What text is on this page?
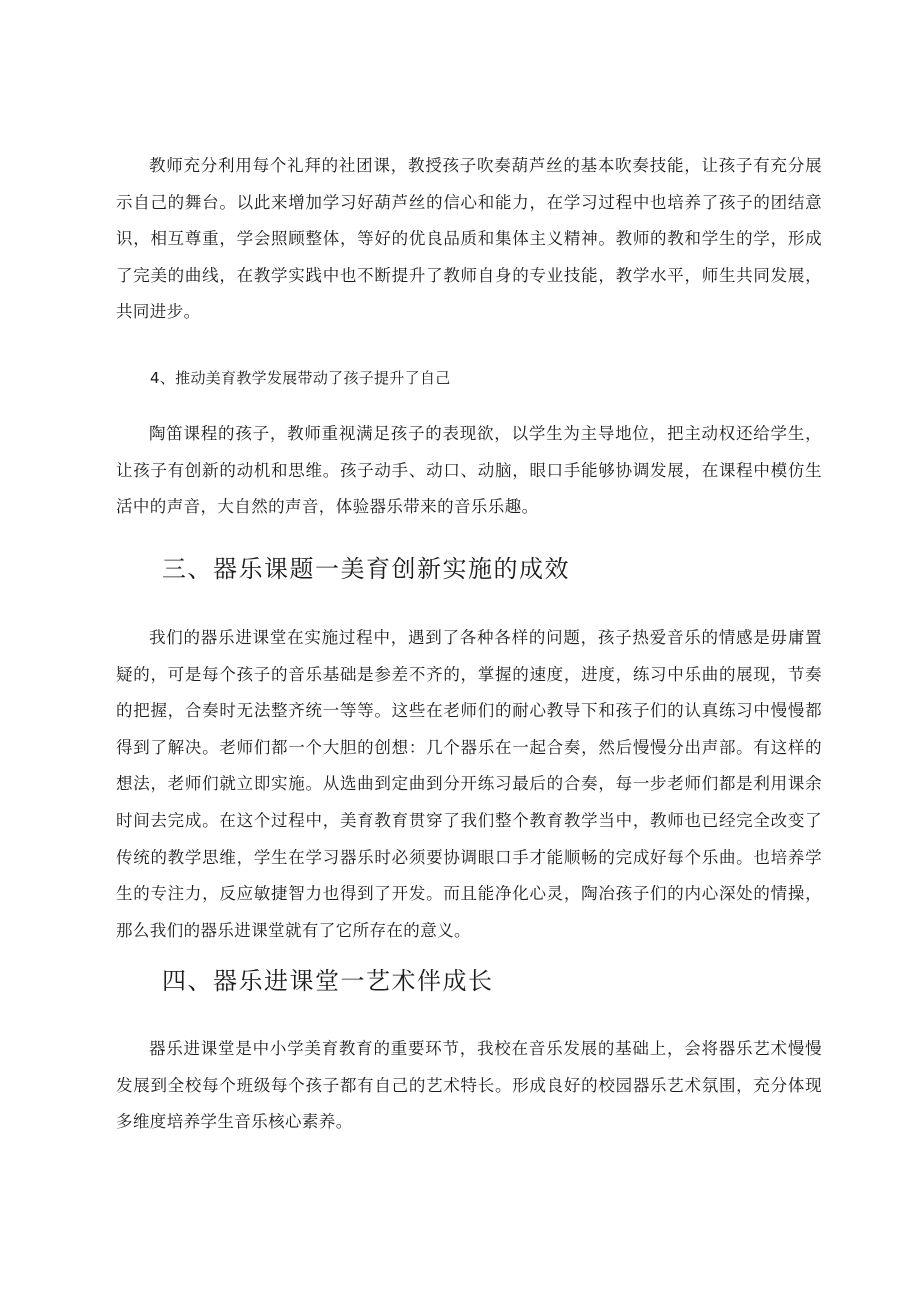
教师充分利用每个礼拜的社团课，教授孩子吹奏葫芦丝的基本吹奏技能，让孩子有充分展示自己的舞台。以此来增加学习好葫芦丝的信心和能力，在学习过程中也培养了孩子的团结意识，相互尊重，学会照顾整体，等好的优良品质和集体主义精神。教师的教和学生的学，形成了完美的曲线，在教学实践中也不断提升了教师自身的专业技能，教学水平，师生共同发展，共同进步。

4、推动美育教学发展带动了孩子提升了自己

陶笛课程的孩子，教师重视满足孩子的表现欲，以学生为主导地位，把主动权还给学生，让孩子有创新的动机和思维。孩子动手、动口、动脑，眼口手能够协调发展，在课程中模仿生活中的声音，大自然的声音，体验器乐带来的音乐乐趣。

三、器乐课题一美育创新实施的成效

我们的器乐进课堂在实施过程中，遇到了各种各样的问题，孩子热爱音乐的情感是毋庸置疑的，可是每个孩子的音乐基础是参差不齐的，掌握的速度，进度，练习中乐曲的展现，节奏的把握，合奏时无法整齐统一等等。这些在老师们的耐心教导下和孩子们的认真练习中慢慢都得到了解决。老师们都一个大胆的创想：几个器乐在一起合奏，然后慢慢分出声部。有这样的想法，老师们就立即实施。从选曲到定曲到分开练习最后的合奏，每一步老师们都是利用课余时间去完成。在这个过程中，美育教育贯穿了我们整个教育教学当中，教师也已经完全改变了传统的教学思维，学生在学习器乐时必须要协调眼口手才能顺畅的完成好每个乐曲。也培养学生的专注力，反应敏捷智力也得到了开发。而且能净化心灵，陶冶孩子们的内心深处的情操，那么我们的器乐进课堂就有了它所存在的意义。

四、器乐进课堂一艺术伴成长

器乐进课堂是中小学美育教育的重要环节，我校在音乐发展的基础上，会将器乐艺术慢慢发展到全校每个班级每个孩子都有自己的艺术特长。形成良好的校园器乐艺术氛围，充分体现多维度培养学生音乐核心素养。
